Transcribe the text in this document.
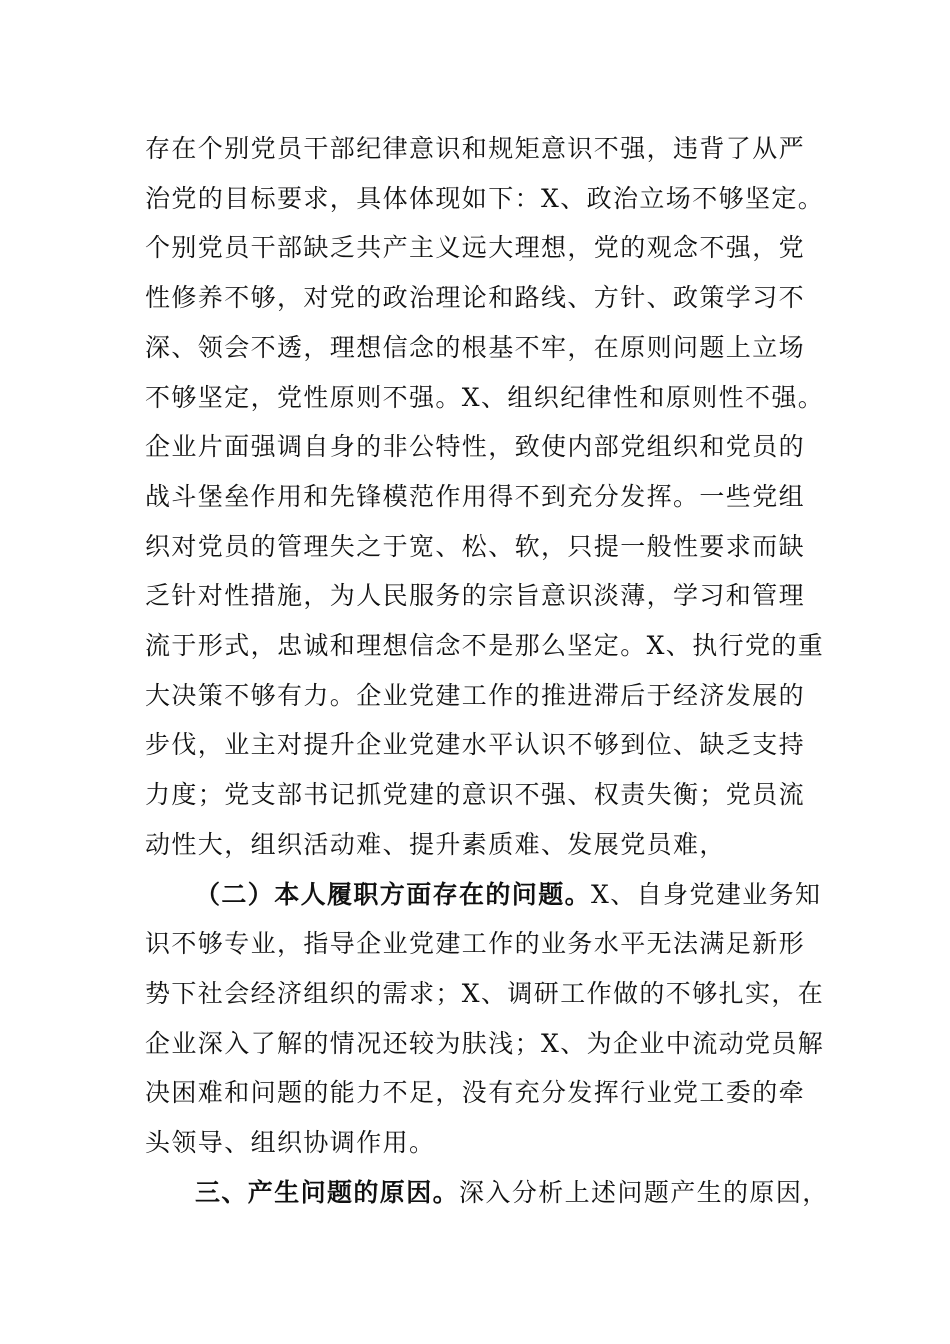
存在个别党员干部纪律意识和规矩意识不强，违背了从严
治党的目标要求，具体体现如下：X、政治立场不够坚定。
个别党员干部缺乏共产主义远大理想，党的观念不强，党
性修养不够，对党的政治理论和路线、方针、政策学习不
深、领会不透，理想信念的根基不牢，在原则问题上立场
不够坚定，党性原则不强。X、组织纪律性和原则性不强。
企业片面强调自身的非公特性，致使内部党组织和党员的
战斗堡垒作用和先锋模范作用得不到充分发挥。一些党组
织对党员的管理失之于宽、松、软，只提一般性要求而缺
乏针对性措施，为人民服务的宗旨意识淡薄，学习和管理
流于形式，忠诚和理想信念不是那么坚定。X、执行党的重
大决策不够有力。企业党建工作的推进滞后于经济发展的
步伐，业主对提升企业党建水平认识不够到位、缺乏支持
力度；党支部书记抓党建的意识不强、权责失衡；党员流
动性大，组织活动难、提升素质难、发展党员难，
（二）本人履职方面存在的问题。X、自身党建业务知
识不够专业，指导企业党建工作的业务水平无法满足新形
势下社会经济组织的需求；X、调研工作做的不够扎实，在
企业深入了解的情况还较为肤浅；X、为企业中流动党员解
决困难和问题的能力不足，没有充分发挥行业党工委的牵
头领导、组织协调作用。
三、产生问题的原因。深入分析上述问题产生的原因，
